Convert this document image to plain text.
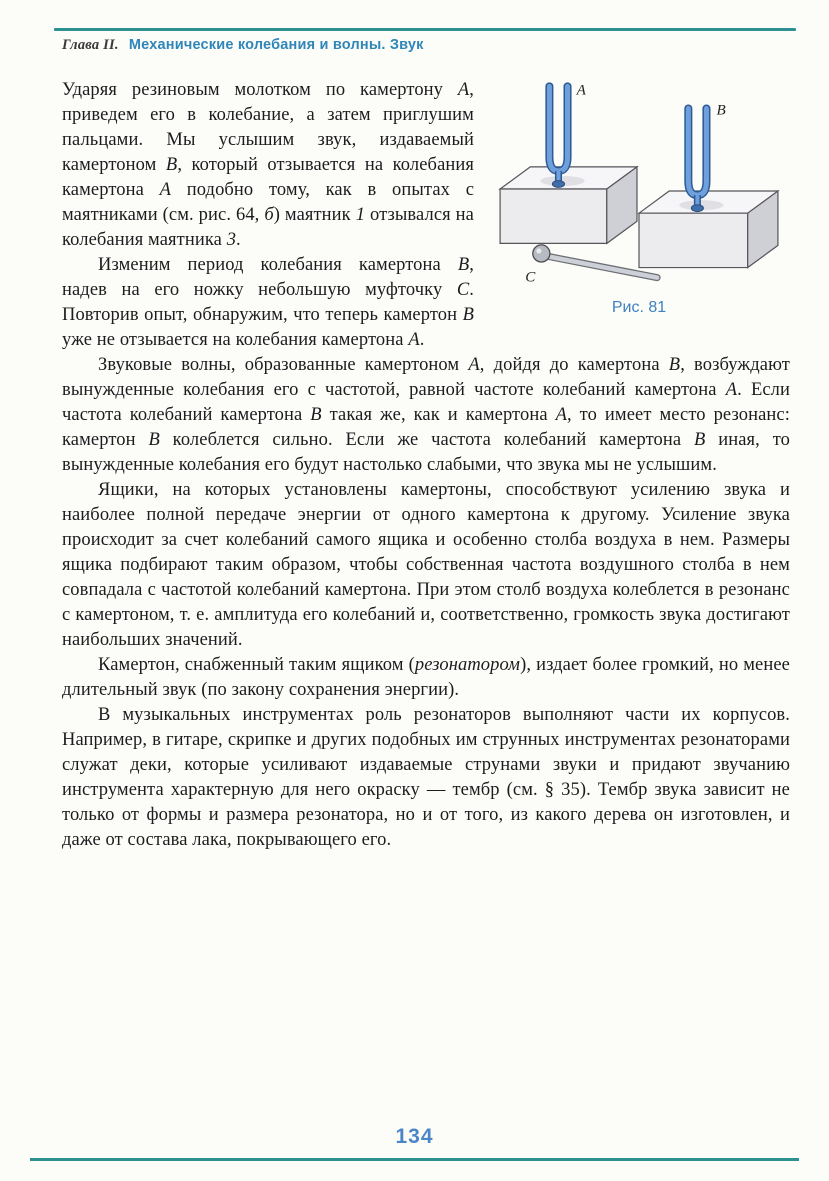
Глава II. Механические колебания и волны. Звук
A
B
C
Рис. 81

Ударяя резиновым молотком по камертону A, приведем его в колебание, а затем приглушим пальцами. Мы услышим звук, издаваемый камертоном B, который отзывается на колебания камертона A подобно тому, как в опытах с маятниками (см. рис. 64, б) маятник 1 отзывался на колебания маятника 3.

Изменим период колебания камертона B, надев на его ножку небольшую муфточку C. Повторив опыт, обнаружим, что теперь камертон B уже не отзывается на колебания камертона A.

Звуковые волны, образованные камертоном A, дойдя до камертона B, возбуждают вынужденные колебания его с частотой, равной частоте колебаний камертона A. Если частота колебаний камертона B такая же, как и камертона A, то имеет место резонанс: камертон B колеблется сильно. Если же частота колебаний камертона B иная, то вынужденные колебания его будут настолько слабыми, что звука мы не услышим.

Ящики, на которых установлены камертоны, способствуют усилению звука и наиболее полной передаче энергии от одного камертона к другому. Усиление звука происходит за счет колебаний самого ящика и особенно столба воздуха в нем. Размеры ящика подбирают таким образом, чтобы собственная частота воздушного столба в нем совпадала с частотой колебаний камертона. При этом столб воздуха колеблется в резонанс с камертоном, т. е. амплитуда его колебаний и, соответственно, громкость звука достигают наибольших значений.

Камертон, снабженный таким ящиком (резонатором), издает более громкий, но менее длительный звук (по закону сохранения энергии).

В музыкальных инструментах роль резонаторов выполняют части их корпусов. Например, в гитаре, скрипке и других подобных им струнных инструментах резонаторами служат деки, которые усиливают издаваемые струнами звуки и придают звучанию инструмента характерную для него окраску — тембр (см. § 35). Тембр звука зависит не только от формы и размера резонатора, но и от того, из какого дерева он изготовлен, и даже от состава лака, покрывающего его.

134
